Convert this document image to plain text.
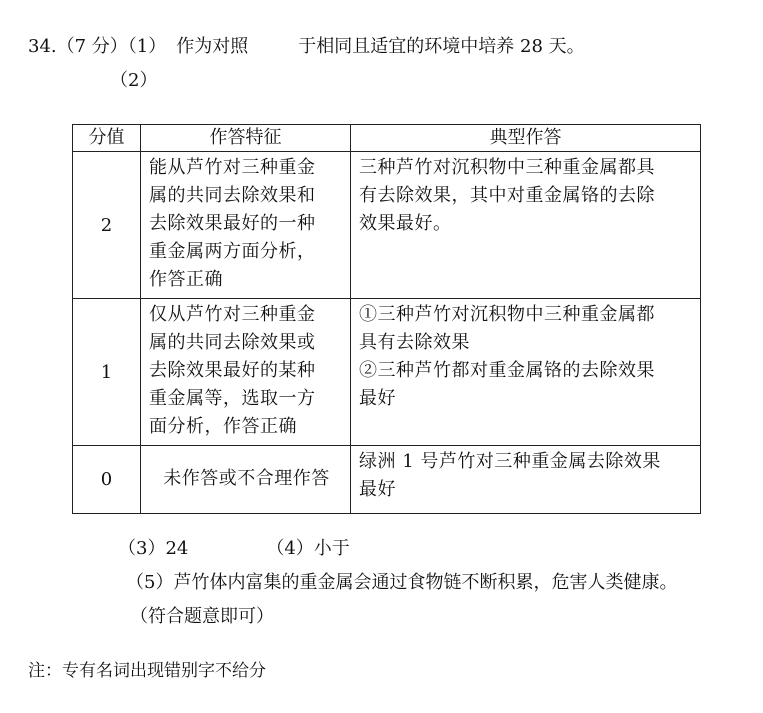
34.（7 分）（1） 作为对照	于相同且适宜的环境中培养 28 天。
（2）
分值	作答特征	典型作答
2	能从芦竹对三种重金
属的共同去除效果和
去除效果最好的一种
重金属两方面分析，
作答正确	三种芦竹对沉积物中三种重金属都具
有去除效果，其中对重金属铬的去除
效果最好。

1	仅从芦竹对三种重金
属的共同去除效果或
去除效果最好的某种
重金属等，选取一方
面分析，作答正确	①三种芦竹对沉积物中三种重金属都
具有去除效果
②三种芦竹都对重金属铬的去除效果
最好

0	未作答或不合理作答	绿洲 1 号芦竹对三种重金属去除效果
最好
（3）24	（4）小于
（5）芦竹体内富集的重金属会通过食物链不断积累，危害人类健康。
（符合题意即可）
注：专有名词出现错别字不给分
